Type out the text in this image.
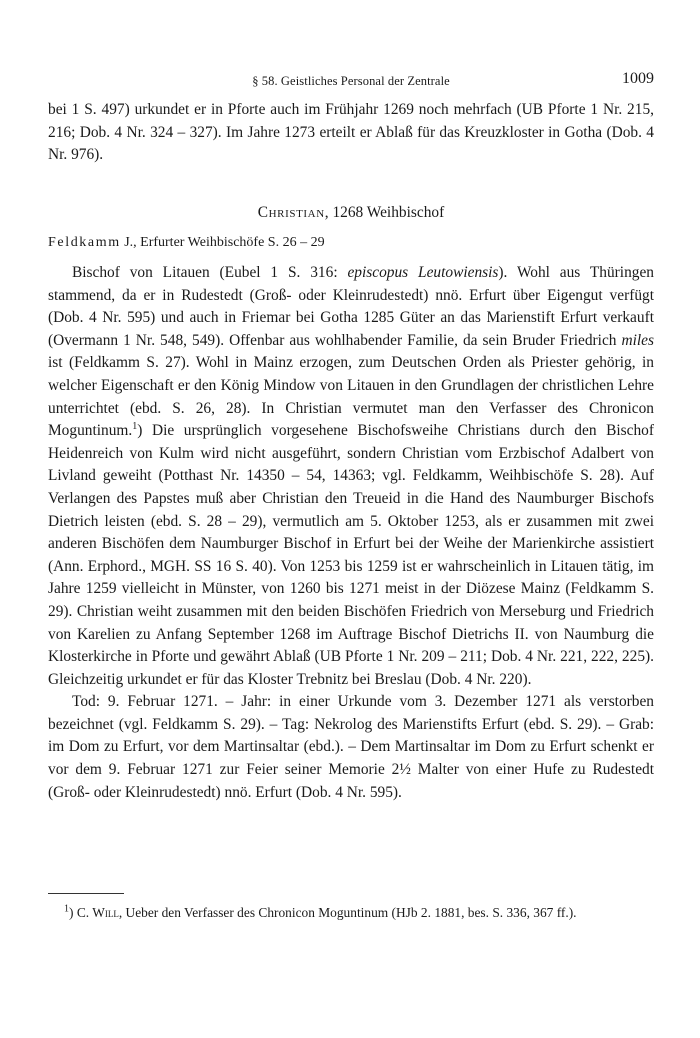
§ 58. Geistliches Personal der Zentrale	1009

bei 1 S. 497) urkundet er in Pforte auch im Frühjahr 1269 noch mehrfach (UB Pforte 1 Nr. 215, 216; Dob. 4 Nr. 324 – 327). Im Jahre 1273 erteilt er Ablaß für das Kreuzkloster in Gotha (Dob. 4 Nr. 976).

Christian, 1268 Weihbischof
Feldkamm J., Erfurter Weihbischöfe S. 26 – 29

Bischof von Litauen (Eubel 1 S. 316: episcopus Leutowiensis). Wohl aus Thüringen stammend, da er in Rudestedt (Groß- oder Kleinrudestedt) nnö. Erfurt über Eigengut verfügt (Dob. 4 Nr. 595) und auch in Friemar bei Gotha 1285 Güter an das Marienstift Erfurt verkauft (Overmann 1 Nr. 548, 549). Offenbar aus wohlhabender Familie, da sein Bruder Friedrich miles ist (Feldkamm S. 27). Wohl in Mainz erzogen, zum Deutschen Orden als Priester gehörig, in welcher Eigenschaft er den König Mindow von Litauen in den Grundlagen der christlichen Lehre unterrichtet (ebd. S. 26, 28). In Christian vermutet man den Verfasser des Chronicon Moguntinum.$^1$) Die ursprünglich vorgesehene Bischofsweihe Christians durch den Bischof Heidenreich von Kulm wird nicht ausgeführt, sondern Christian vom Erzbischof Adalbert von Livland geweiht (Potthast Nr. 14350 – 54, 14363; vgl. Feldkamm, Weihbischöfe S. 28). Auf Verlangen des Papstes muß aber Christian den Treueid in die Hand des Naumburger Bischofs Dietrich leisten (ebd. S. 28 – 29), vermutlich am 5. Oktober 1253, als er zusammen mit zwei anderen Bischöfen dem Naumburger Bischof in Erfurt bei der Weihe der Marienkirche assistiert (Ann. Erphord., MGH. SS 16 S. 40). Von 1253 bis 1259 ist er wahrscheinlich in Litauen tätig, im Jahre 1259 vielleicht in Münster, von 1260 bis 1271 meist in der Diözese Mainz (Feldkamm S. 29). Christian weiht zusammen mit den beiden Bischöfen Friedrich von Merseburg und Friedrich von Karelien zu Anfang September 1268 im Auftrage Bischof Dietrichs II. von Naumburg die Klosterkirche in Pforte und gewährt Ablaß (UB Pforte 1 Nr. 209 – 211; Dob. 4 Nr. 221, 222, 225). Gleichzeitig urkundet er für das Kloster Trebnitz bei Breslau (Dob. 4 Nr. 220).

Tod: 9. Februar 1271. – Jahr: in einer Urkunde vom 3. Dezember 1271 als verstorben bezeichnet (vgl. Feldkamm S. 29). – Tag: Nekrolog des Marienstifts Erfurt (ebd. S. 29). – Grab: im Dom zu Erfurt, vor dem Martinsaltar (ebd.). – Dem Martinsaltar im Dom zu Erfurt schenkt er vor dem 9. Februar 1271 zur Feier seiner Memorie 2½ Malter von einer Hufe zu Rudestedt (Groß- oder Kleinrudestedt) nnö. Erfurt (Dob. 4 Nr. 595).

$^1$) C. Will, Ueber den Verfasser des Chronicon Moguntinum (HJb 2. 1881, bes. S. 336, 367 ff.).
